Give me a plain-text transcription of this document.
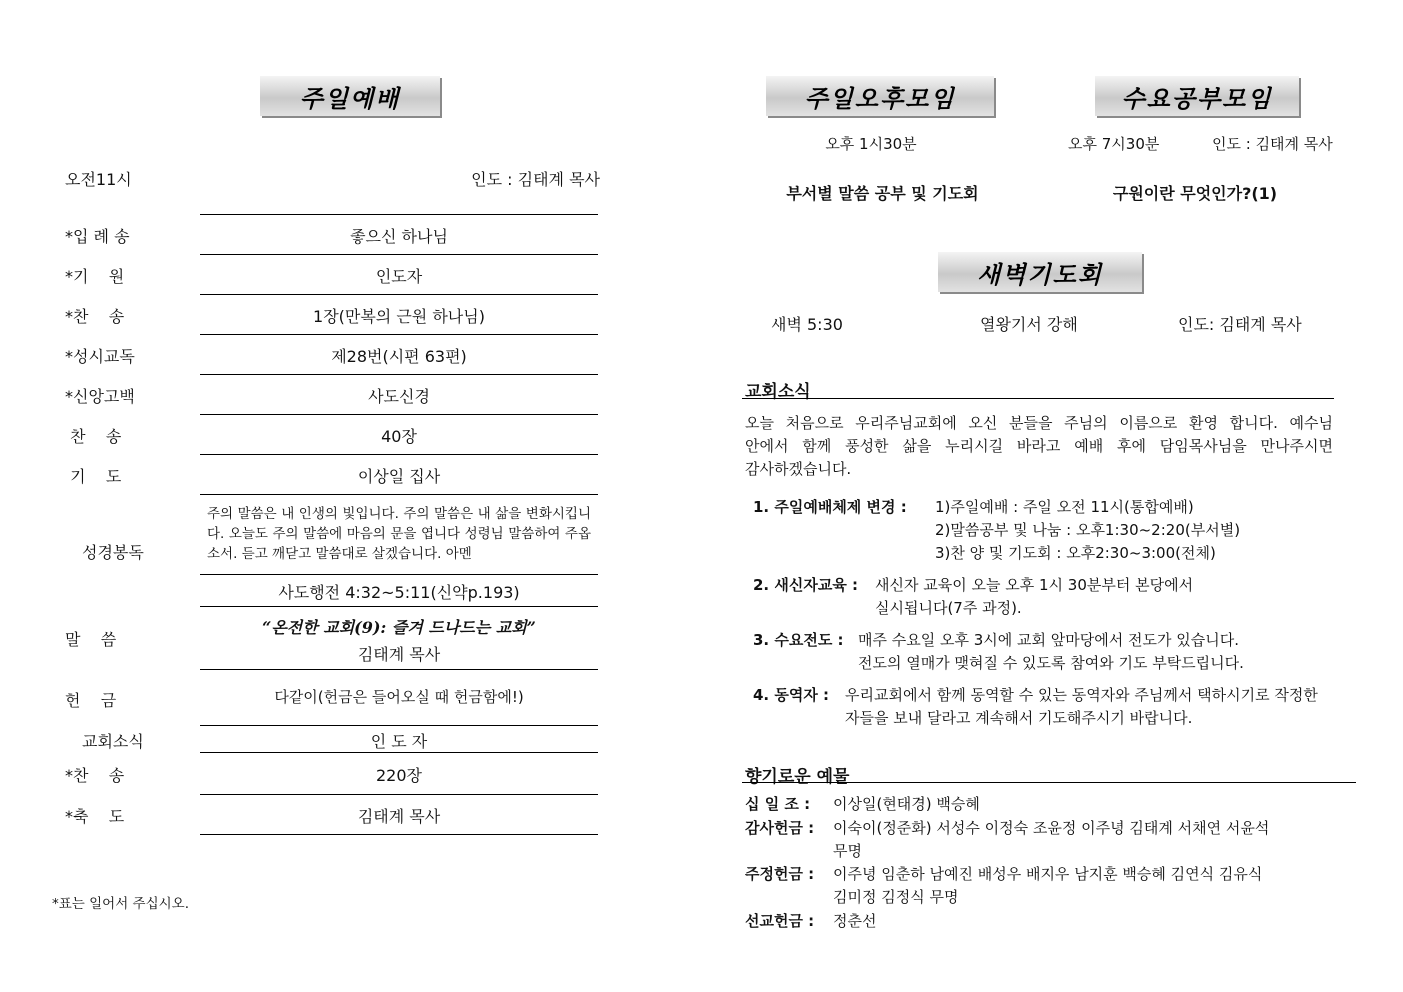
주일예배
오전11시	인도 : 김태계 목사
*입 례 송	좋으신 하나님
*기    원	인도자
*찬    송	1장(만복의 근원 하나님)
*성시교독	제28번(시편 63편)
*신앙고백	사도신경
찬    송	40장
기    도	이상일 집사
성경봉독
주의 말씀은 내 인생의 빛입니다. 주의 말씀은 내 삶을 변화시킵니다. 오늘도 주의 말씀에 마음의 문을 엽니다 성령님 말씀하여 주옵소서. 듣고 깨닫고 말씀대로 살겠습니다. 아멘
사도행전 4:32~5:11(신약p.193)
말    씀
“온전한 교회(9): 즐겨 드나드는 교회”
김태계 목사
헌    금	다같이(헌금은 들어오실 때 헌금함에!)
교회소식	인 도 자
*찬    송	220장
*축    도	김태계 목사
*표는 일어서 주십시오.
주일오후모임	수요공부모임
오후 1시30분	오후 7시30분	인도 : 김태계 목사
부서별 말씀 공부 및 기도회	구원이란 무엇인가?(1)
새벽기도회
새벽 5:30	열왕기서 강해	인도: 김태계 목사
교회소식
오늘 처음으로 우리주님교회에 오신 분들을 주님의 이름으로 환영 합니다. 예수님
안에서 함께 풍성한 삶을 누리시길 바라고 예배 후에 담임목사님을 만나주시면
감사하겠습니다.
1. 주일예배체제 변경 : 1)주일예배 : 주일 오전 11시(통합예배)
2)말씀공부 및 나눔 : 오후1:30~2:20(부서별)
3)찬 양 및 기도회 : 오후2:30~3:00(전체)
2. 새신자교육 : 새신자 교육이 오늘 오후 1시 30분부터 본당에서
실시됩니다(7주 과정).
3. 수요전도 : 매주 수요일 오후 3시에 교회 앞마당에서 전도가 있습니다.
전도의 열매가 맺혀질 수 있도록 참여와 기도 부탁드립니다.
4. 동역자 : 우리교회에서 함께 동역할 수 있는 동역자와 주님께서 택하시기로 작정한
자들을 보내 달라고 계속해서 기도해주시기 바랍니다.
향기로운 예물
십 일 조 : 이상일(현태경) 백승혜
감사헌금 : 이숙이(정준화) 서성수 이정숙 조윤정 이주녕 김태계 서채연 서윤석
무명
주정헌금 : 이주녕 임춘하 남예진 배성우 배지우 남지훈 백승혜 김연식 김유식
김미정 김정식 무명
선교헌금 : 정춘선
